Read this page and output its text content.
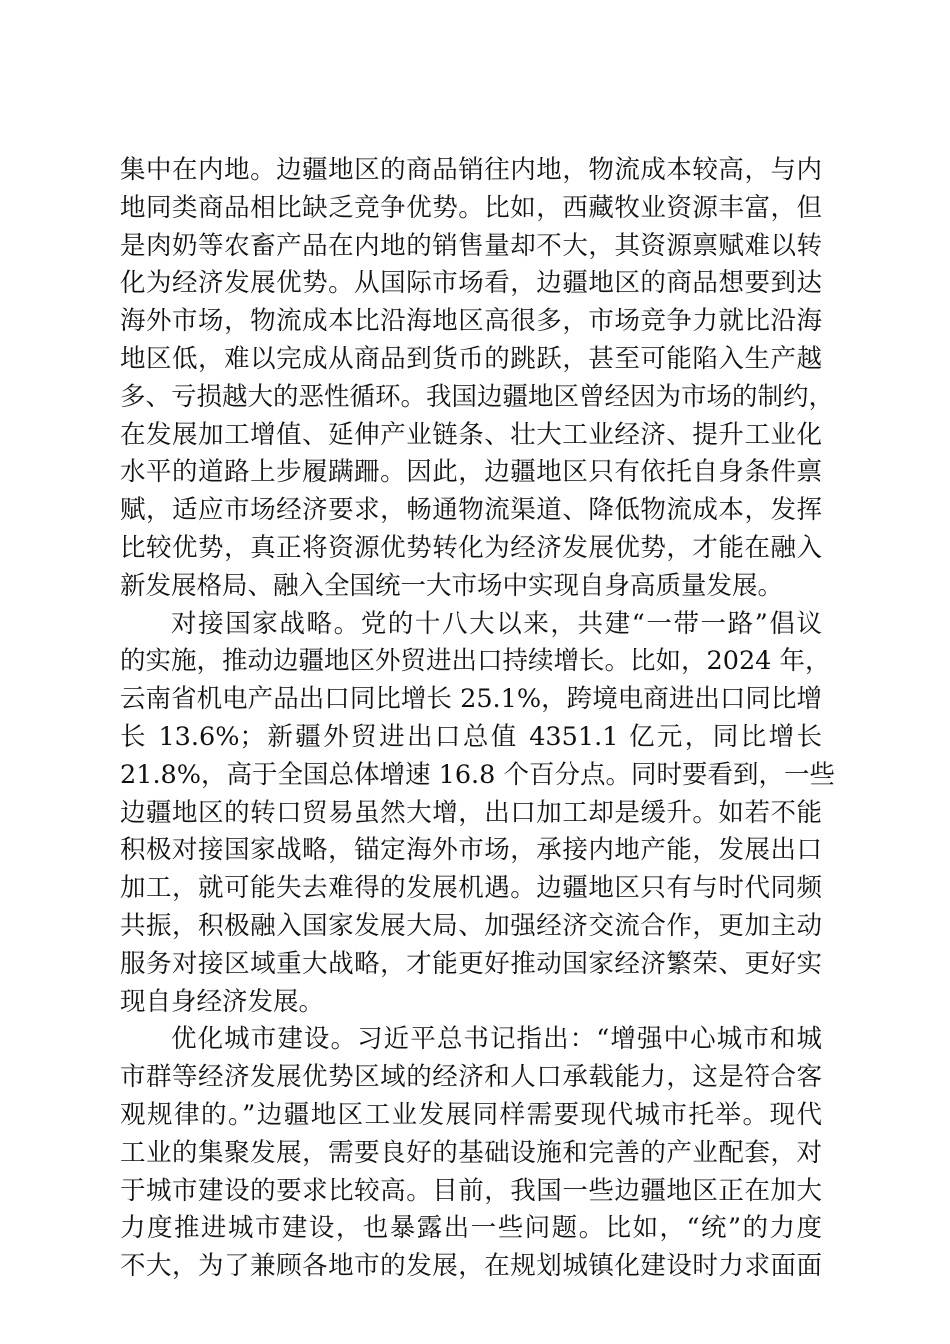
集中在内地。边疆地区的商品销往内地，物流成本较高，与内
地同类商品相比缺乏竞争优势。比如，西藏牧业资源丰富，但
是肉奶等农畜产品在内地的销售量却不大，其资源禀赋难以转
化为经济发展优势。从国际市场看，边疆地区的商品想要到达
海外市场，物流成本比沿海地区高很多，市场竞争力就比沿海
地区低，难以完成从商品到货币的跳跃，甚至可能陷入生产越
多、亏损越大的恶性循环。我国边疆地区曾经因为市场的制约，
在发展加工增值、延伸产业链条、壮大工业经济、提升工业化
水平的道路上步履蹒跚。因此，边疆地区只有依托自身条件禀
赋，适应市场经济要求，畅通物流渠道、降低物流成本，发挥
比较优势，真正将资源优势转化为经济发展优势，才能在融入
新发展格局、融入全国统一大市场中实现自身高质量发展。
对接国家战略。党的十八大以来，共建“一带一路”倡议
的实施，推动边疆地区外贸进出口持续增长。比如，2024 年，
云南省机电产品出口同比增长 25.1%，跨境电商进出口同比增
长 13.6%；新疆外贸进出口总值 4351.1 亿元，同比增长
21.8%，高于全国总体增速 16.8 个百分点。同时要看到，一些
边疆地区的转口贸易虽然大增，出口加工却是缓升。如若不能
积极对接国家战略，锚定海外市场，承接内地产能，发展出口
加工，就可能失去难得的发展机遇。边疆地区只有与时代同频
共振，积极融入国家发展大局、加强经济交流合作，更加主动
服务对接区域重大战略，才能更好推动国家经济繁荣、更好实
现自身经济发展。
优化城市建设。习近平总书记指出：“增强中心城市和城
市群等经济发展优势区域的经济和人口承载能力，这是符合客
观规律的。”边疆地区工业发展同样需要现代城市托举。现代
工业的集聚发展，需要良好的基础设施和完善的产业配套，对
于城市建设的要求比较高。目前，我国一些边疆地区正在加大
力度推进城市建设，也暴露出一些问题。比如，“统”的力度
不大，为了兼顾各地市的发展，在规划城镇化建设时力求面面
